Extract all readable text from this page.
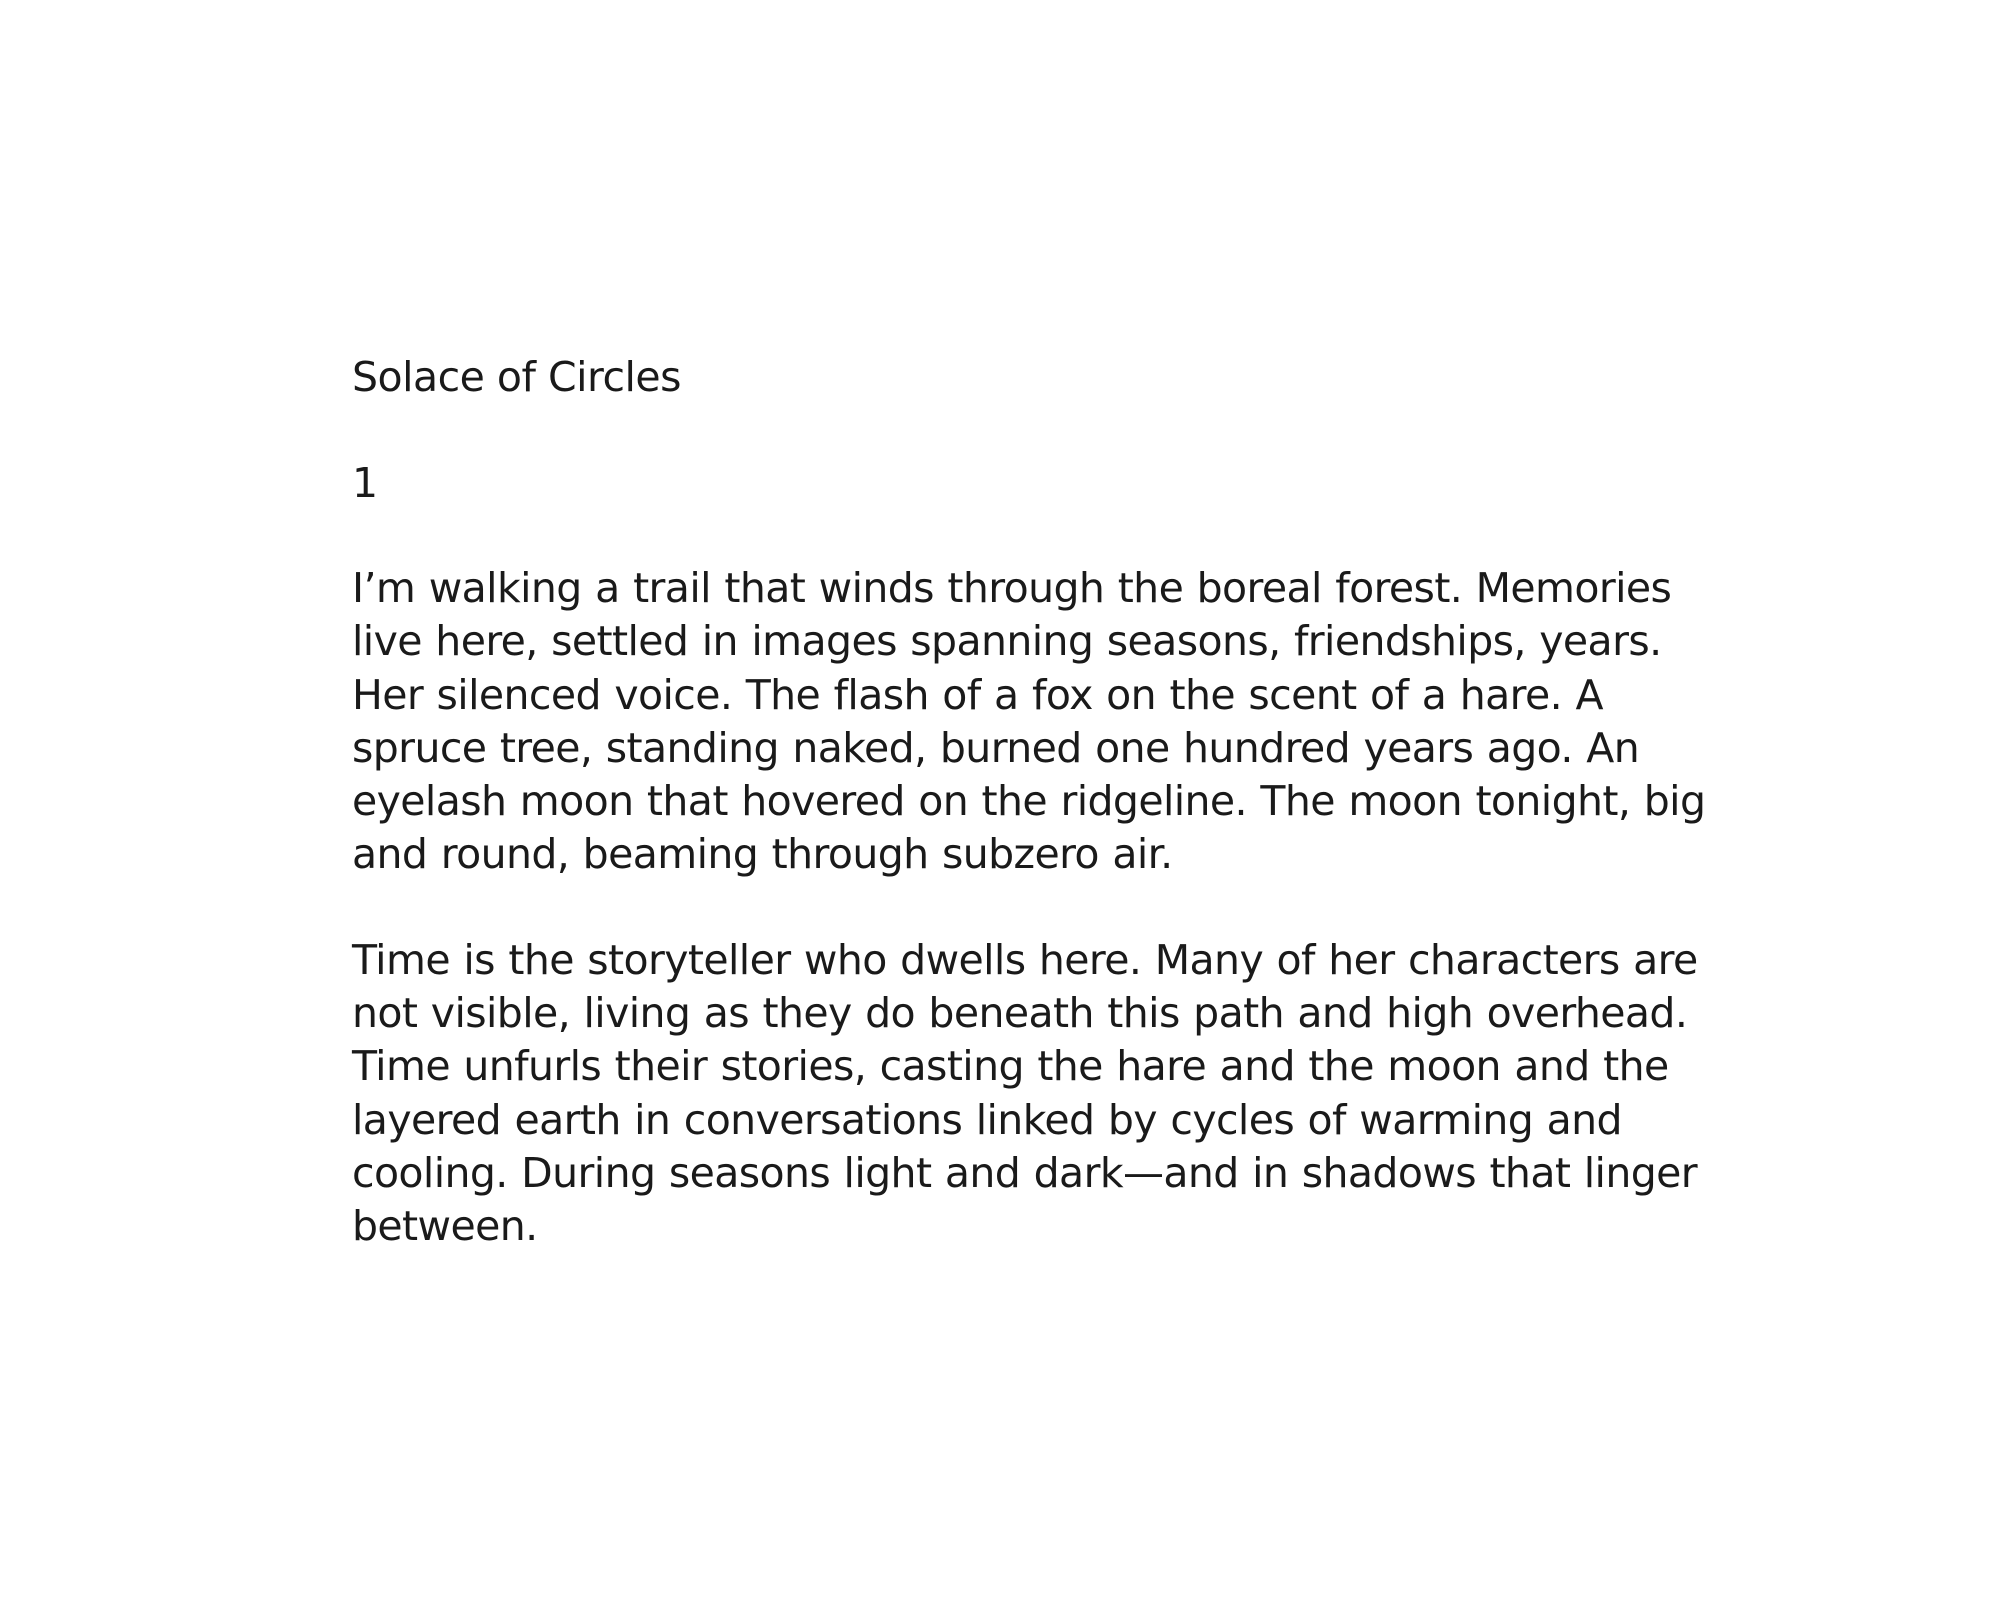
Solace of Circles
1

I’m walking a trail that winds through the boreal forest. Memories
live here, settled in images spanning seasons, friendships, years.
Her silenced voice. The flash of a fox on the scent of a hare. A
spruce tree, standing naked, burned one hundred years ago. An
eyelash moon that hovered on the ridgeline. The moon tonight, big
and round, beaming through subzero air.

Time is the storyteller who dwells here. Many of her characters are
not visible, living as they do beneath this path and high overhead.
Time unfurls their stories, casting the hare and the moon and the
layered earth in conversations linked by cycles of warming and
cooling. During seasons light and dark—and in shadows that linger
between.
